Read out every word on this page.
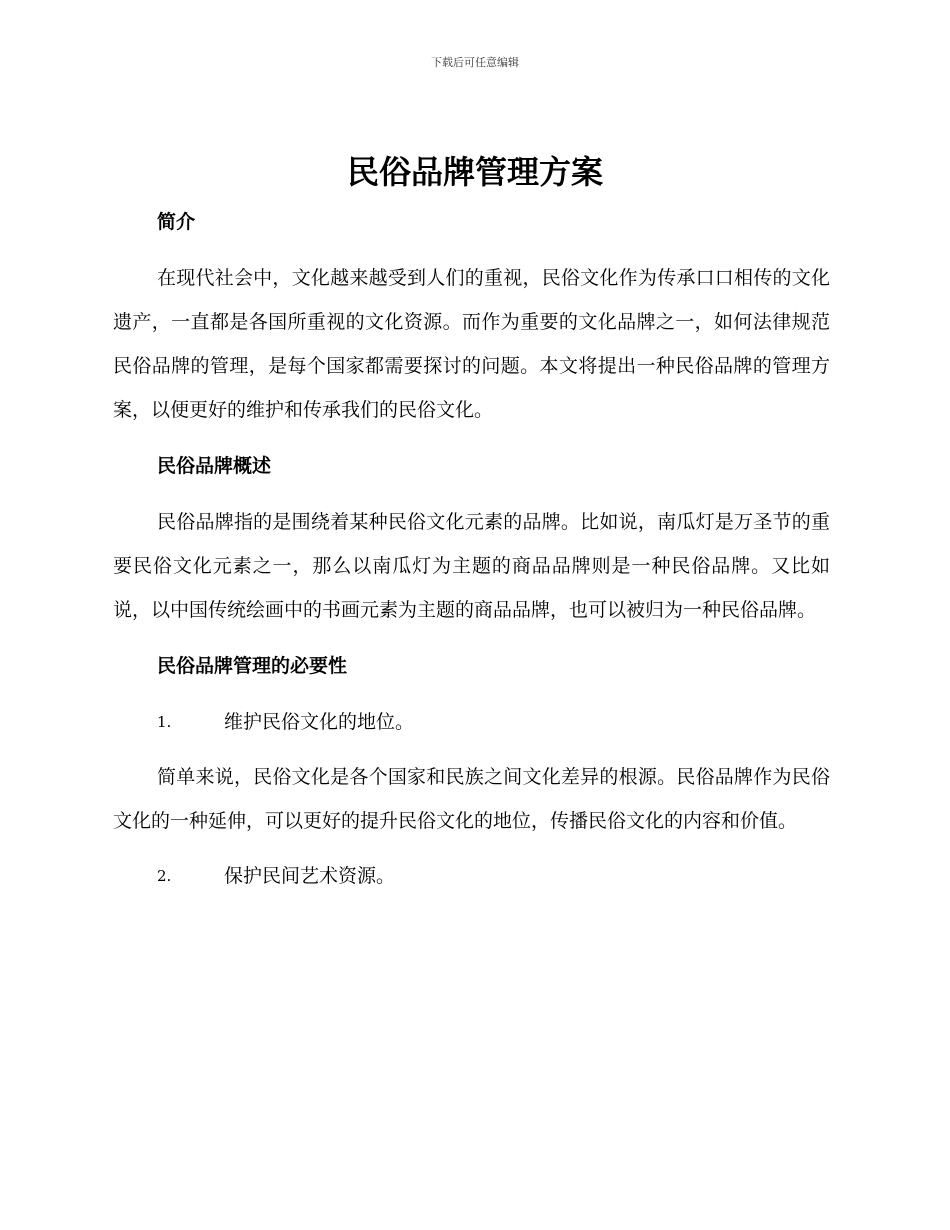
下载后可任意编辑
民俗品牌管理方案
简介

在现代社会中，文化越来越受到人们的重视，民俗文化作为传承口口相传的文化遗产，一直都是各国所重视的文化资源。而作为重要的文化品牌之一，如何法律规范民俗品牌的管理，是每个国家都需要探讨的问题。本文将提出一种民俗品牌的管理方案，以便更好的维护和传承我们的民俗文化。

民俗品牌概述

民俗品牌指的是围绕着某种民俗文化元素的品牌。比如说，南瓜灯是万圣节的重要民俗文化元素之一，那么以南瓜灯为主题的商品品牌则是一种民俗品牌。又比如说，以中国传统绘画中的书画元素为主题的商品品牌，也可以被归为一种民俗品牌。

民俗品牌管理的必要性
1.	维护民俗文化的地位。

简单来说，民俗文化是各个国家和民族之间文化差异的根源。民俗品牌作为民俗文化的一种延伸，可以更好的提升民俗文化的地位，传播民俗文化的内容和价值。

2.	保护民间艺术资源。
